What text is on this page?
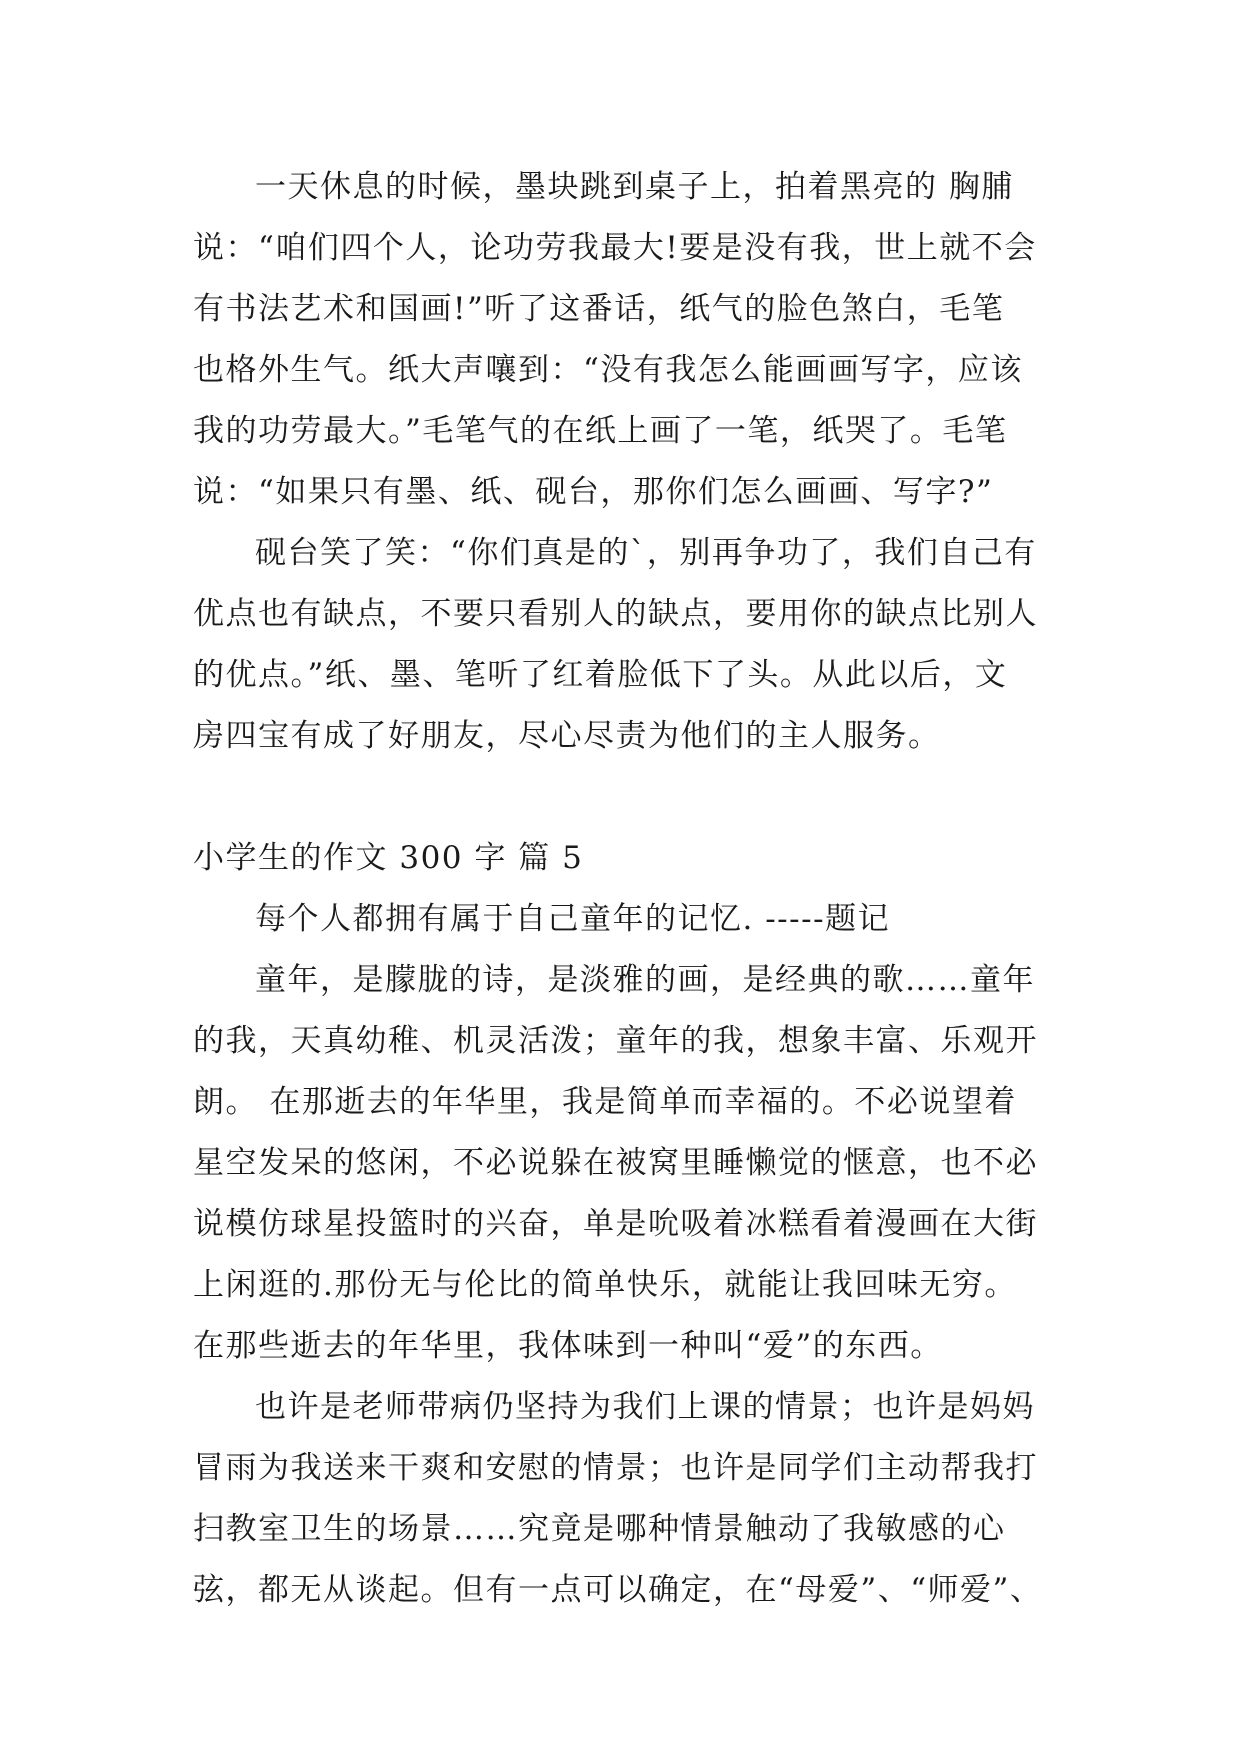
一天休息的时候，墨块跳到桌子上，拍着黑亮的 胸脯
说：“咱们四个人，论功劳我最大!要是没有我，世上就不会
有书法艺术和国画!”听了这番话，纸气的脸色煞白，毛笔
也格外生气。纸大声嚷到：“没有我怎么能画画写字，应该
我的功劳最大。”毛笔气的在纸上画了一笔，纸哭了。毛笔
说：“如果只有墨、纸、砚台，那你们怎么画画、写字?”
砚台笑了笑：“你们真是的`，别再争功了，我们自己有
优点也有缺点，不要只看别人的缺点，要用你的缺点比别人
的优点。”纸、墨、笔听了红着脸低下了头。从此以后，文
房四宝有成了好朋友，尽心尽责为他们的主人服务。
小学生的作文 300 字 篇 5
每个人都拥有属于自己童年的记忆. -----题记
童年，是朦胧的诗，是淡雅的画，是经典的歌……童年
的我，天真幼稚、机灵活泼；童年的我，想象丰富、乐观开
朗。 在那逝去的年华里，我是简单而幸福的。不必说望着
星空发呆的悠闲，不必说躲在被窝里睡懒觉的惬意，也不必
说模仿球星投篮时的兴奋，单是吮吸着冰糕看着漫画在大街
上闲逛的.那份无与伦比的简单快乐，就能让我回味无穷。
在那些逝去的年华里，我体味到一种叫“爱”的东西。
也许是老师带病仍坚持为我们上课的情景；也许是妈妈
冒雨为我送来干爽和安慰的情景；也许是同学们主动帮我打
扫教室卫生的场景……究竟是哪种情景触动了我敏感的心
弦，都无从谈起。但有一点可以确定，在“母爱”、“师爱”、
